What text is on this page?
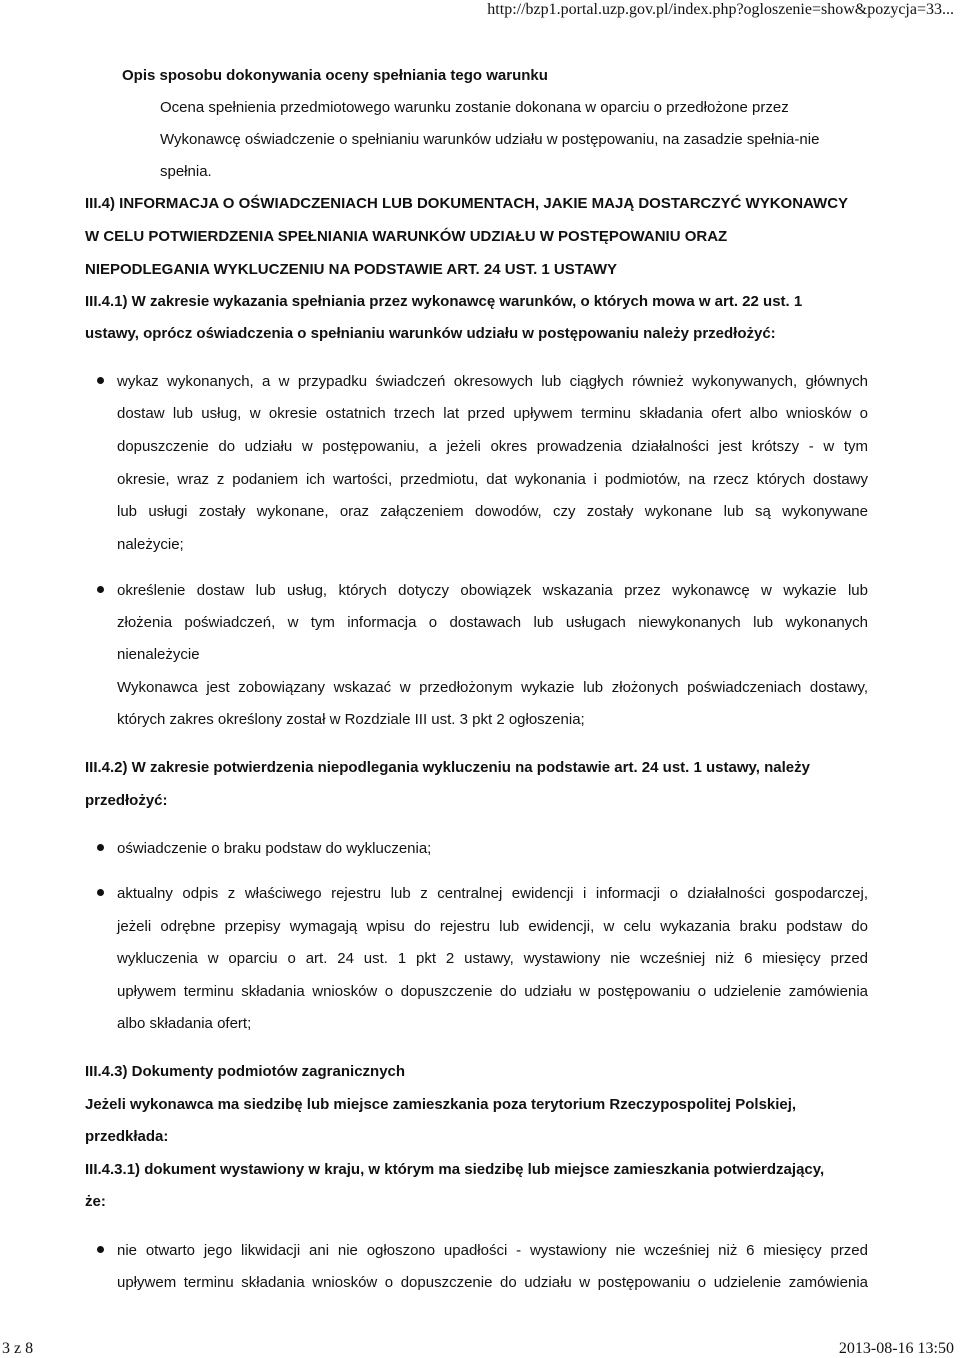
http://bzp1.portal.uzp.gov.pl/index.php?ogloszenie=show&pozycja=33...
Opis sposobu dokonywania oceny spełniania tego warunku
Ocena spełnienia przedmiotowego warunku zostanie dokonana w oparciu o przedłożone przez
Wykonawcę oświadczenie o spełnianiu warunków udziału w postępowaniu, na zasadzie spełnia-nie
spełnia.
III.4) INFORMACJA O OŚWIADCZENIACH LUB DOKUMENTACH, JAKIE MAJĄ DOSTARCZYĆ WYKONAWCY
W CELU POTWIERDZENIA SPEŁNIANIA WARUNKÓW UDZIAŁU W POSTĘPOWANIU ORAZ
NIEPODLEGANIA WYKLUCZENIU NA PODSTAWIE ART. 24 UST. 1 USTAWY
III.4.1) W zakresie wykazania spełniania przez wykonawcę warunków, o których mowa w art. 22 ust. 1
ustawy, oprócz oświadczenia o spełnianiu warunków udziału w postępowaniu należy przedłożyć:
wykaz wykonanych, a w przypadku świadczeń okresowych lub ciągłych również wykonywanych, głównych
dostaw lub usług, w okresie ostatnich trzech lat przed upływem terminu składania ofert albo wniosków o
dopuszczenie do udziału w postępowaniu, a jeżeli okres prowadzenia działalności jest krótszy - w tym
okresie, wraz z podaniem ich wartości, przedmiotu, dat wykonania i podmiotów, na rzecz których dostawy
lub usługi zostały wykonane, oraz załączeniem dowodów, czy zostały wykonane lub są wykonywane
należycie;
określenie dostaw lub usług, których dotyczy obowiązek wskazania przez wykonawcę w wykazie lub
złożenia poświadczeń, w tym informacja o dostawach lub usługach niewykonanych lub wykonanych
nienależycie
Wykonawca jest zobowiązany wskazać w przedłożonym wykazie lub złożonych poświadczeniach dostawy,
których zakres określony został w Rozdziale III ust. 3 pkt 2 ogłoszenia;
III.4.2) W zakresie potwierdzenia niepodlegania wykluczeniu na podstawie art. 24 ust. 1 ustawy, należy
przedłożyć:
oświadczenie o braku podstaw do wykluczenia;
aktualny odpis z właściwego rejestru lub z centralnej ewidencji i informacji o działalności gospodarczej,
jeżeli odrębne przepisy wymagają wpisu do rejestru lub ewidencji, w celu wykazania braku podstaw do
wykluczenia w oparciu o art. 24 ust. 1 pkt 2 ustawy, wystawiony nie wcześniej niż 6 miesięcy przed
upływem terminu składania wniosków o dopuszczenie do udziału w postępowaniu o udzielenie zamówienia
albo składania ofert;
III.4.3) Dokumenty podmiotów zagranicznych
Jeżeli wykonawca ma siedzibę lub miejsce zamieszkania poza terytorium Rzeczypospolitej Polskiej,
przedkłada:
III.4.3.1) dokument wystawiony w kraju, w którym ma siedzibę lub miejsce zamieszkania potwierdzający,
że:
nie otwarto jego likwidacji ani nie ogłoszono upadłości - wystawiony nie wcześniej niż 6 miesięcy przed
upływem terminu składania wniosków o dopuszczenie do udziału w postępowaniu o udzielenie zamówienia
3 z 8	2013-08-16 13:50
